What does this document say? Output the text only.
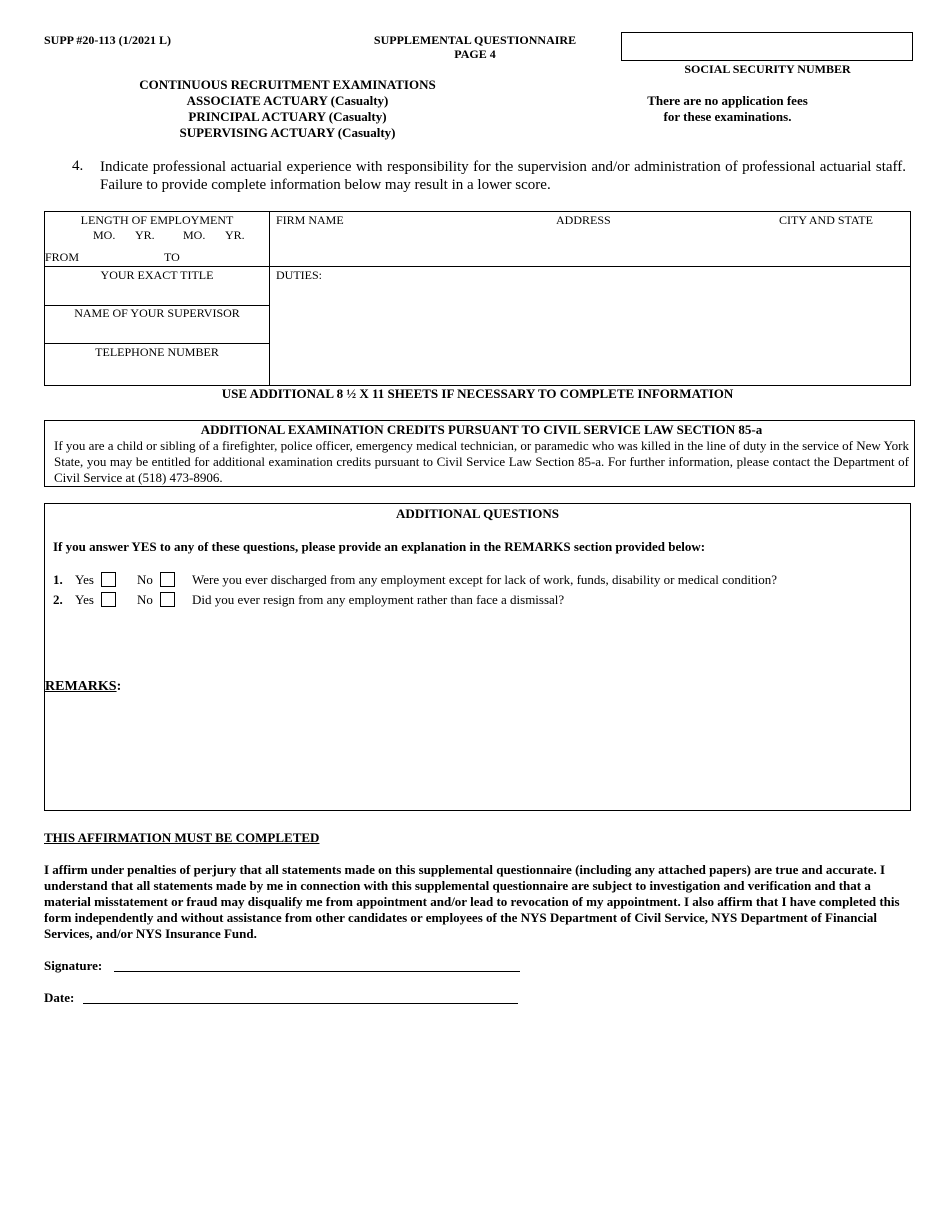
SUPP #20-113 (1/2021 L)	SUPPLEMENTAL QUESTIONNAIRE
PAGE 4
SOCIAL SECURITY NUMBER
CONTINUOUS RECRUITMENT EXAMINATIONS
ASSOCIATE ACTUARY (Casualty)
PRINCIPAL ACTUARY (Casualty)
SUPERVISING ACTUARY (Casualty)
There are no application fees
for these examinations.
4. Indicate professional actuarial experience with responsibility for the supervision and/or administration of professional actuarial staff. Failure to provide complete information below may result in a lower score.
LENGTH OF EMPLOYMENT
MO. YR. MO. YR.
FROM	TO
FIRM NAME	ADDRESS	CITY AND STATE
YOUR EXACT TITLE
NAME OF YOUR SUPERVISOR
TELEPHONE NUMBER
DUTIES:
USE ADDITIONAL 8 ½ X 11 SHEETS IF NECESSARY TO COMPLETE INFORMATION
ADDITIONAL EXAMINATION CREDITS PURSUANT TO CIVIL SERVICE LAW SECTION 85-a
If you are a child or sibling of a firefighter, police officer, emergency medical technician, or paramedic who was killed in the line of duty in the service of New York State, you may be entitled for additional examination credits pursuant to Civil Service Law Section 85-a. For further information, please contact the Department of Civil Service at (518) 473-8906.
ADDITIONAL QUESTIONS
If you answer YES to any of these questions, please provide an explanation in the REMARKS section provided below:
1. Yes	No	Were you ever discharged from any employment except for lack of work, funds, disability or medical condition?
2. Yes	No	Did you ever resign from any employment rather than face a dismissal?
REMARKS:
THIS AFFIRMATION MUST BE COMPLETED
I affirm under penalties of perjury that all statements made on this supplemental questionnaire (including any attached papers) are true and accurate. I understand that all statements made by me in connection with this supplemental questionnaire are subject to investigation and verification and that a material misstatement or fraud may disqualify me from appointment and/or lead to revocation of my appointment. I also affirm that I have completed this form independently and without assistance from other candidates or employees of the NYS Department of Civil Service, NYS Department of Financial Services, and/or NYS Insurance Fund.
Signature:
Date:
